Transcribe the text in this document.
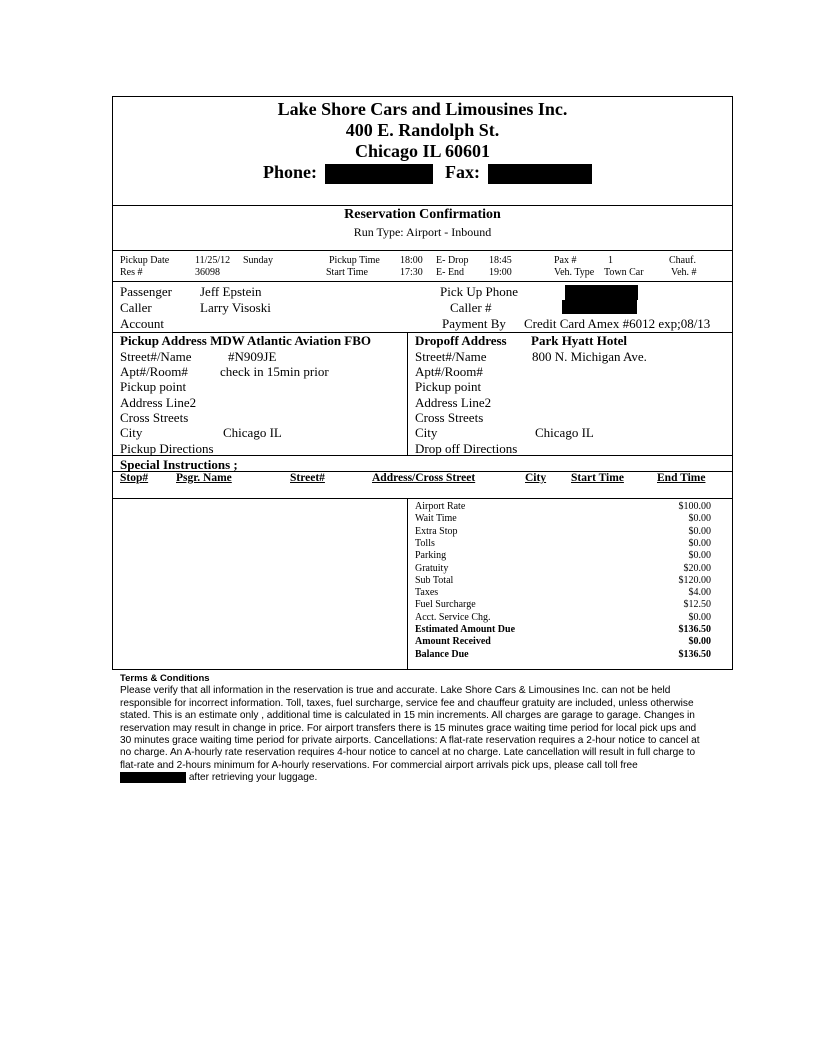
Lake Shore Cars and Limousines Inc.
400 E. Randolph St.
Chicago IL 60601
Phone:	Fax:
Reservation Confirmation
Run Type: Airport - Inbound
Pickup Date	11/25/12 Sunday	Pickup Time 18:00 E- Drop 18:45	Pax #	1	Chauf.
Res #	36098	Start Time	17:30 E- End 19:00	Veh. Type Town Car	Veh. #
Passenger Jeff Epstein
Caller	Larry Visoski
Account
Pick Up Phone
Caller #
Payment By Credit Card Amex #6012 exp;08/13
Pickup Address MDW Atlantic Aviation FBO
Street#/Name	#N909JE
Apt#/Room# check in 15min prior
Pickup point
Address Line2
Cross Streets
City	Chicago IL
Pickup Directions
Dropoff Address Park Hyatt Hotel
Street#/Name	800 N. Michigan Ave.
Apt#/Room#
Pickup point
Address Line2
Cross Streets
City	Chicago IL
Drop off Directions
Special Instructions ;
Stop# Psgr. Name	Street#	Address/Cross Street	City Start Time	End Time
Airport Rate	$100.00
Wait Time	$0.00
Extra Stop	$0.00
Tolls	$0.00
Parking	$0.00
Gratuity	$20.00
Sub Total	$120.00
Taxes	$4.00
Fuel Surcharge	$12.50
Acct. Service Chg.	$0.00
Estimated Amount Due	$136.50
Amount Received	$0.00
Balance Due	$136.50
Terms & Conditions
Please verify that all information in the reservation is true and accurate. Lake Shore Cars & Limousines Inc. can not be held responsible for incorrect information. Toll, taxes, fuel surcharge, service fee and chauffeur gratuity are included, unless otherwise stated. This is an estimate only , additional time is calculated in 15 min increments. All charges are garage to garage. Changes in reservation may result in change in price. For airport transfers there is 15 minutes grace waiting time period for local pick ups and 30 minutes grace waiting time period for private airports. Cancellations: A flat-rate reservation requires a 2-hour notice to cancel at no charge. An A-hourly rate reservation requires 4-hour notice to cancel at no charge. Late cancellation will result in full charge to flat-rate and 2-hours minimum for A-hourly reservations. For commercial airport arrivals pick ups, please call toll free  after retrieving your luggage.
